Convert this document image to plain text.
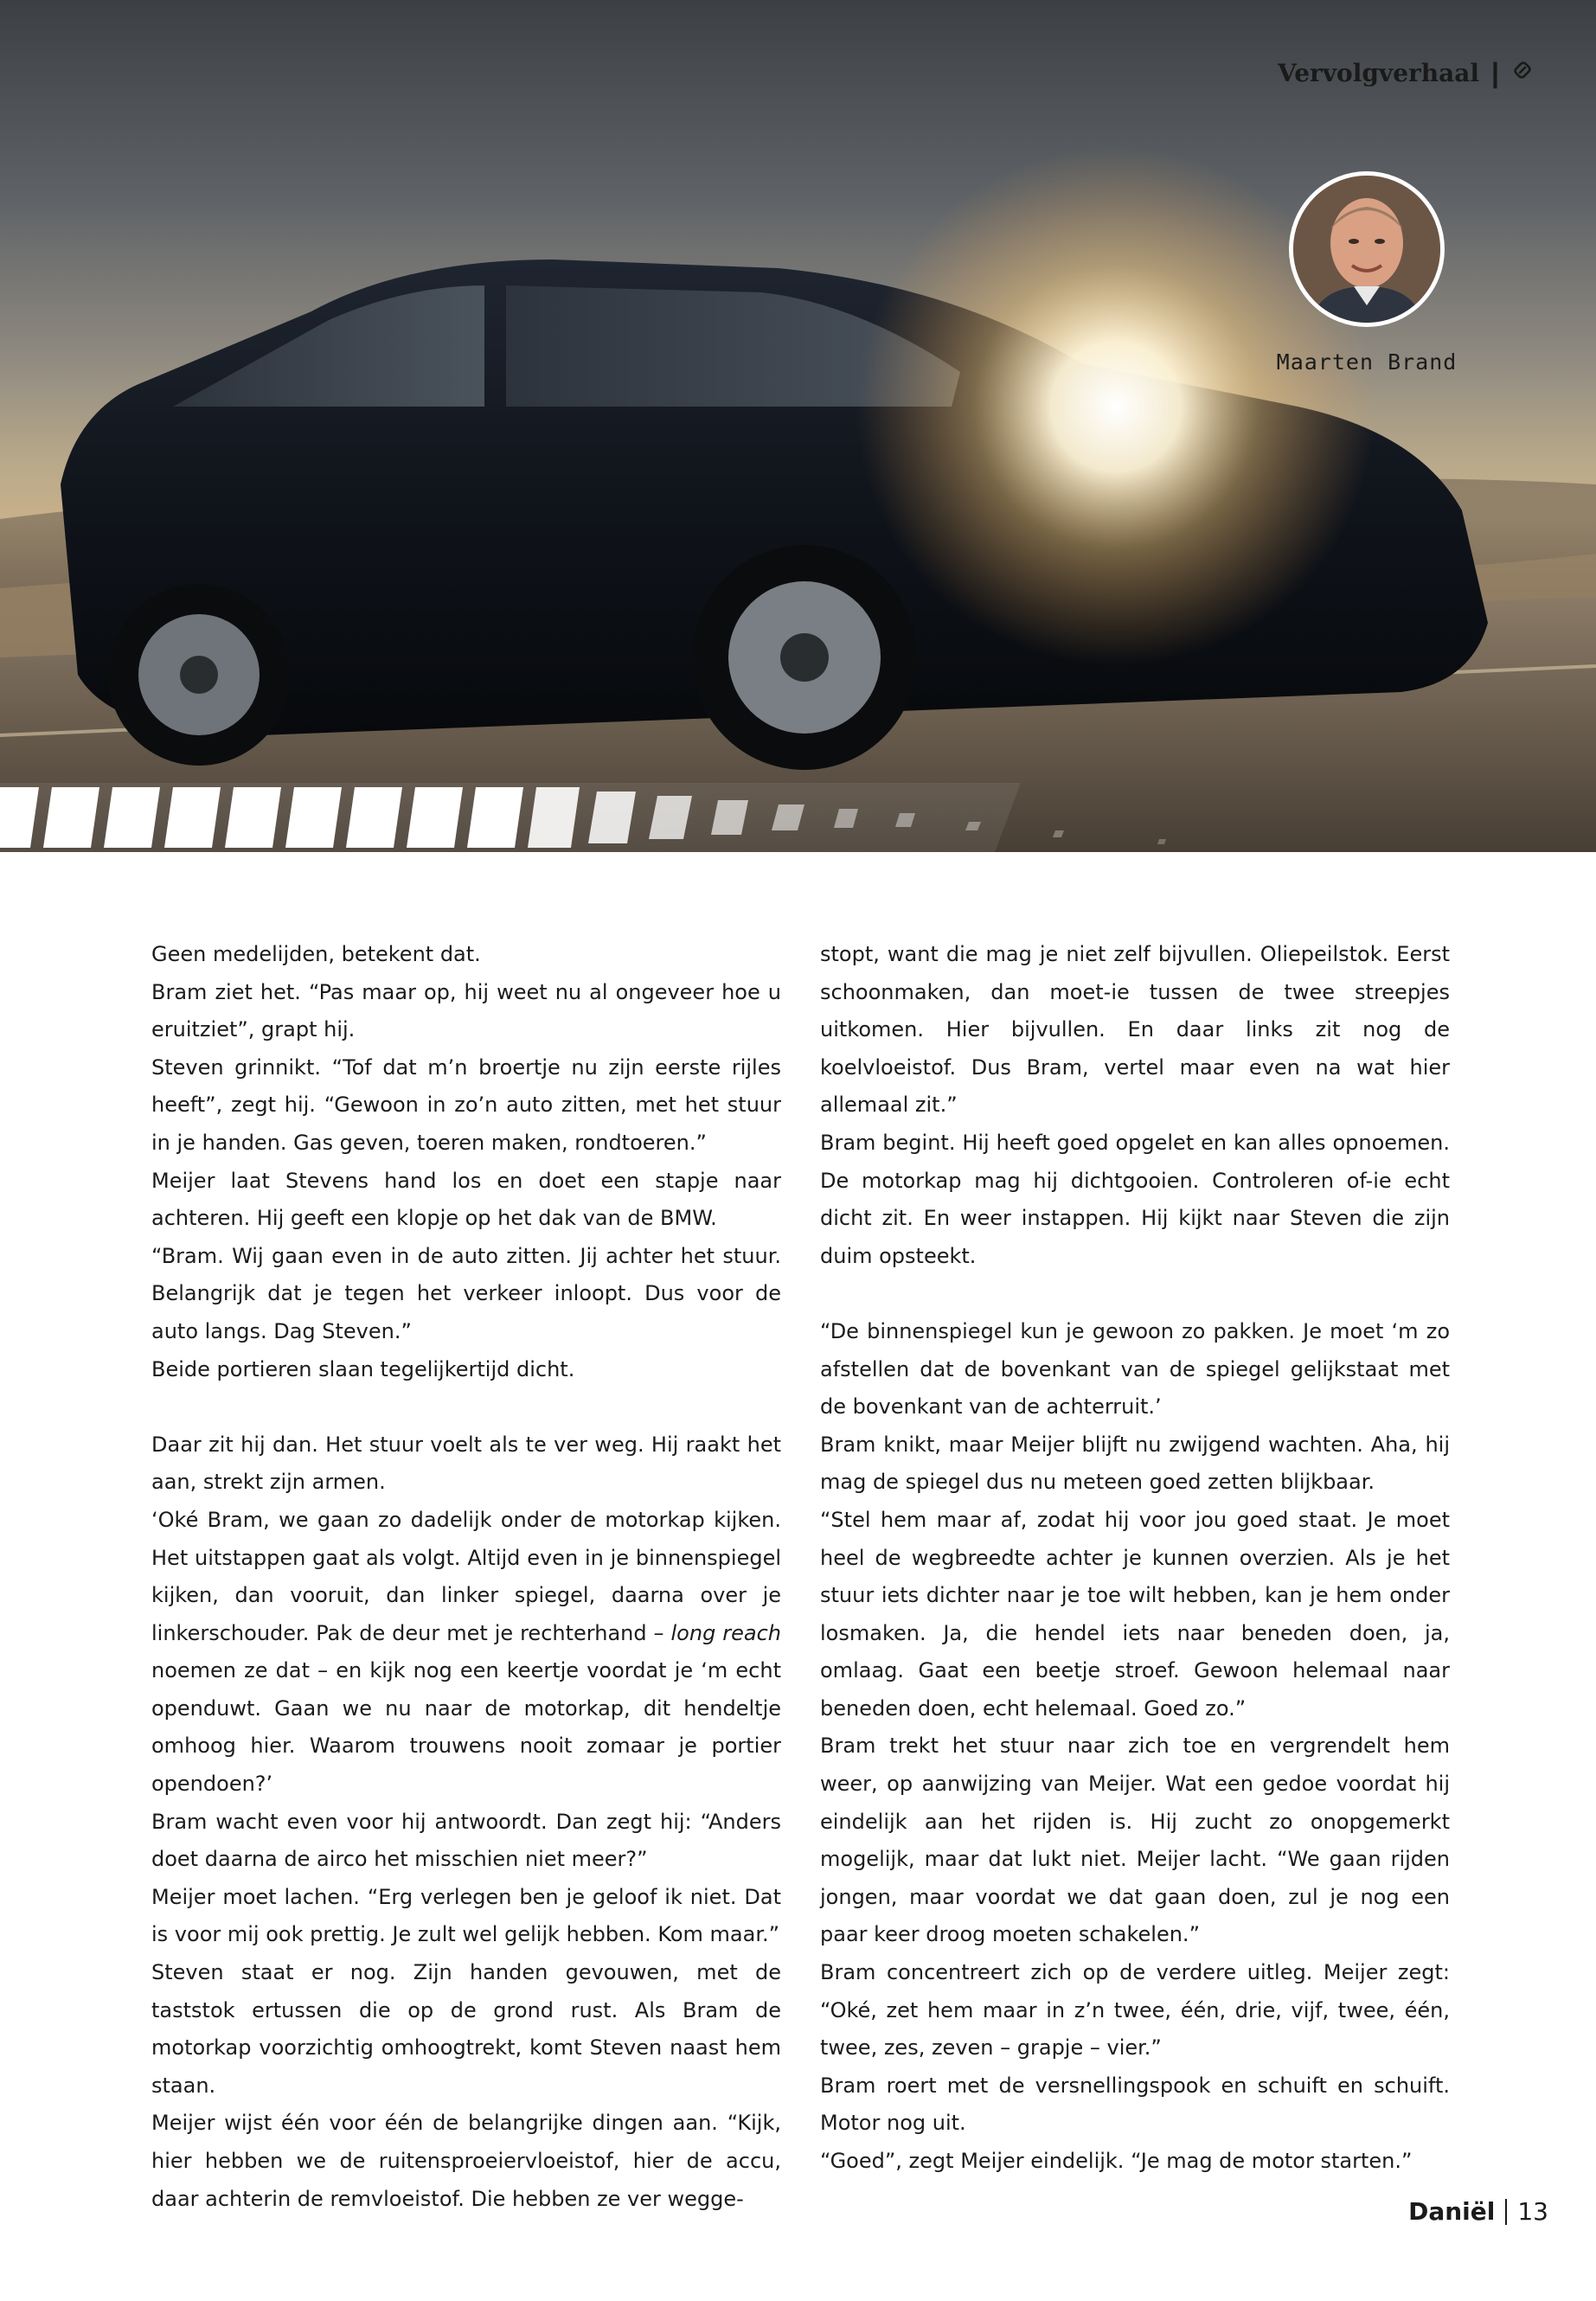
Vervolgverhaal |
Maarten Brand

Geen medelijden, betekent dat.

Bram ziet het. “Pas maar op, hij weet nu al ongeveer hoe u eruitziet”, grapt hij.

Steven grinnikt. “Tof dat m’n broertje nu zijn eerste rijles heeft”, zegt hij. “Gewoon in zo’n auto zitten, met het stuur in je handen. Gas geven, toeren maken, rondtoeren.”

Meijer laat Stevens hand los en doet een stapje naar achteren. Hij geeft een klopje op het dak van de BMW.

“Bram. Wij gaan even in de auto zitten. Jij achter het stuur. Belangrijk dat je tegen het verkeer inloopt. Dus voor de auto langs. Dag Steven.”

Beide portieren slaan tegelijkertijd dicht.

Daar zit hij dan. Het stuur voelt als te ver weg. Hij raakt het aan, strekt zijn armen.

‘Oké Bram, we gaan zo dadelijk onder de motorkap kijken. Het uitstappen gaat als volgt. Altijd even in je binnenspiegel kijken, dan vooruit, dan linker spiegel, daarna over je linkerschouder. Pak de deur met je rechterhand – long reach noemen ze dat – en kijk nog een keertje voordat je ‘m echt openduwt. Gaan we nu naar de motorkap, dit hendeltje omhoog hier. Waarom trouwens nooit zomaar je portier opendoen?’

Bram wacht even voor hij antwoordt. Dan zegt hij: “Anders doet daarna de airco het misschien niet meer?”

Meijer moet lachen. “Erg verlegen ben je geloof ik niet. Dat is voor mij ook prettig. Je zult wel gelijk hebben. Kom maar.”

Steven staat er nog. Zijn handen gevouwen, met de taststok ertussen die op de grond rust. Als Bram de motorkap voorzichtig omhoogtrekt, komt Steven naast hem staan.

Meijer wijst één voor één de belangrijke dingen aan. “Kijk, hier hebben we de ruitensproeiervloeistof, hier de accu, daar achterin de remvloeistof. Die hebben ze ver wegge-

stopt, want die mag je niet zelf bijvullen. Oliepeilstok. Eerst schoonmaken, dan moet-ie tussen de twee streepjes uitkomen. Hier bijvullen. En daar links zit nog de koelvloeistof. Dus Bram, vertel maar even na wat hier allemaal zit.”

Bram begint. Hij heeft goed opgelet en kan alles opnoemen. De motorkap mag hij dichtgooien. Controleren of-ie echt dicht zit. En weer instappen. Hij kijkt naar Steven die zijn duim opsteekt.

“De binnenspiegel kun je gewoon zo pakken. Je moet ‘m zo afstellen dat de bovenkant van de spiegel gelijkstaat met de bovenkant van de achterruit.’

Bram knikt, maar Meijer blijft nu zwijgend wachten. Aha, hij mag de spiegel dus nu meteen goed zetten blijkbaar.

“Stel hem maar af, zodat hij voor jou goed staat. Je moet heel de wegbreedte achter je kunnen overzien. Als je het stuur iets dichter naar je toe wilt hebben, kan je hem onder losmaken. Ja, die hendel iets naar beneden doen, ja, omlaag. Gaat een beetje stroef. Gewoon helemaal naar beneden doen, echt helemaal. Goed zo.”

Bram trekt het stuur naar zich toe en vergrendelt hem weer, op aanwijzing van Meijer. Wat een gedoe voordat hij eindelijk aan het rijden is. Hij zucht zo onopgemerkt mogelijk, maar dat lukt niet. Meijer lacht. “We gaan rijden jongen, maar voordat we dat gaan doen, zul je nog een paar keer droog moeten schakelen.”

Bram concentreert zich op de verdere uitleg. Meijer zegt: “Oké, zet hem maar in z’n twee, één, drie, vijf, twee, één, twee, zes, zeven – grapje – vier.”

Bram roert met de versnellingspook en schuift en schuift. Motor nog uit.

“Goed”, zegt Meijer eindelijk. “Je mag de motor starten.”

Daniël 13
